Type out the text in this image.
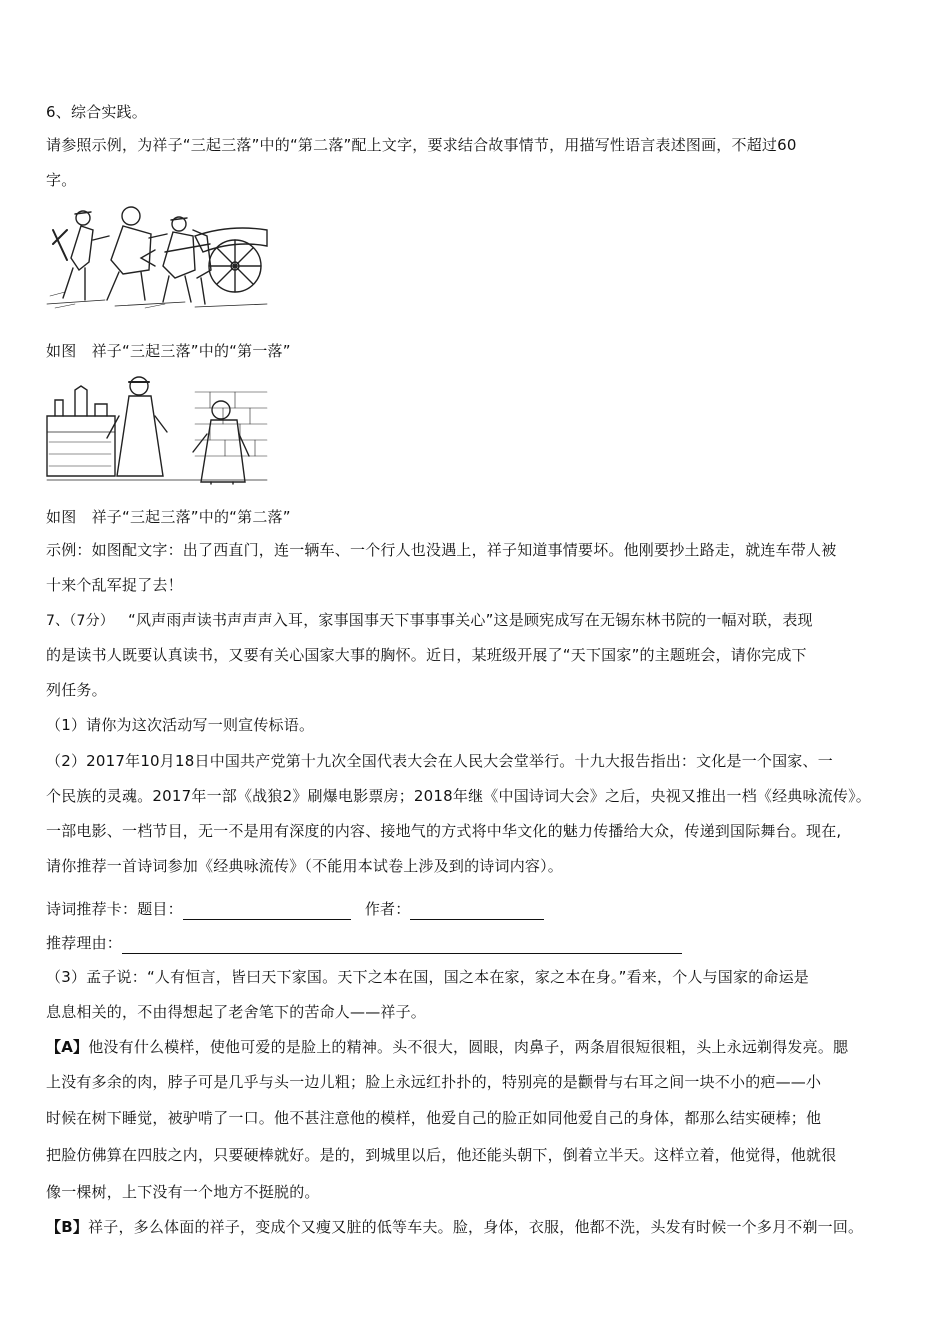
6、综合实践。
请参照示例，为祥子“三起三落”中的“第二落”配上文字，要求结合故事情节，用描写性语言表述图画，不超过60
字。
如图　祥子“三起三落”中的“第一落”
如图　祥子“三起三落”中的“第二落”
示例：如图配文字：出了西直门，连一辆车、一个行人也没遇上，祥子知道事情要坏。他刚要抄土路走，就连车带人被
十来个乱军捉了去！
7、（7分） “风声雨声读书声声声入耳，家事国事天下事事事关心”这是顾宪成写在无锡东林书院的一幅对联，表现
的是读书人既要认真读书，又要有关心国家大事的胸怀。近日，某班级开展了“天下国家”的主题班会，请你完成下
列任务。
（1）请你为这次活动写一则宣传标语。
（2）2017年10月18日中国共产党第十九次全国代表大会在人民大会堂举行。十九大报告指出：文化是一个国家、一
个民族的灵魂。2017年一部《战狼2》刷爆电影票房；2018年继《中国诗词大会》之后，央视又推出一档《经典咏流传》。
一部电影、一档节目，无一不是用有深度的内容、接地气的方式将中华文化的魅力传播给大众，传递到国际舞台。现在,
请你推荐一首诗词参加《经典咏流传》（不能用本试卷上涉及到的诗词内容）。
诗词推荐卡：题目：	作者：
推荐理由：
（3）孟子说：“人有恒言，皆曰天下家国。天下之本在国，国之本在家，家之本在身。”看来，个人与国家的命运是
息息相关的，不由得想起了老舍笔下的苦命人——祥子。
【A】他没有什么模样，使他可爱的是脸上的精神。头不很大，圆眼，肉鼻子，两条眉很短很粗，头上永远剃得发亮。腮
上没有多余的肉，脖子可是几乎与头一边儿粗；脸上永远红扑扑的，特别亮的是颧骨与右耳之间一块不小的疤——小
时候在树下睡觉，被驴啃了一口。他不甚注意他的模样，他爱自己的脸正如同他爱自己的身体，都那么结实硬棒；他
把脸仿佛算在四肢之内，只要硬棒就好。是的，到城里以后，他还能头朝下，倒着立半天。这样立着，他觉得，他就很
像一棵树，上下没有一个地方不挺脱的。
【B】祥子，多么体面的祥子，变成个又瘦又脏的低等车夫。脸，身体，衣服，他都不洗，头发有时候一个多月不剃一回。
